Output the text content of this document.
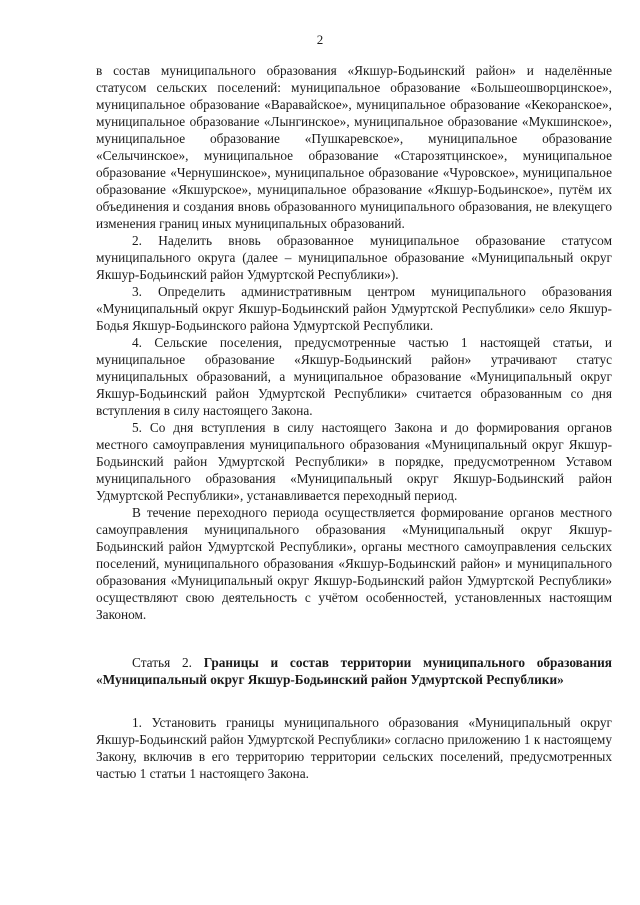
2

в состав муниципального образования «Якшур-Бодьинский район» и наделённые статусом сельских поселений: муниципальное образование «Большеошворцинское», муниципальное образование «Варавайское», муниципальное образование «Кекоранское», муниципальное образование «Лынгинское», муниципальное образование «Мукшинское», муниципальное образование «Пушкаревское», муниципальное образование «Селычинское», муниципальное образование «Старозятцинское», муниципальное образование «Чернушинское», муниципальное образование «Чуровское», муниципальное образование «Якшурское», муниципальное образование «Якшур-Бодьинское», путём их объединения и создания вновь образованного муниципального образования, не влекущего изменения границ иных муниципальных образований.

2. Наделить вновь образованное муниципальное образование статусом муниципального округа (далее – муниципальное образование «Муниципальный округ Якшур-Бодьинский район Удмуртской Республики»).

3. Определить административным центром муниципального образования «Муниципальный округ Якшур-Бодьинский район Удмуртской Республики» село Якшур-Бодья Якшур-Бодьинского района Удмуртской Республики.

4. Сельские поселения, предусмотренные частью 1 настоящей статьи, и муниципальное образование «Якшур-Бодьинский район» утрачивают статус муниципальных образований, а муниципальное образование «Муниципальный округ Якшур-Бодьинский район Удмуртской Республики» считается образованным со дня вступления в силу настоящего Закона.

5. Со дня вступления в силу настоящего Закона и до формирования органов местного самоуправления муниципального образования «Муниципальный округ Якшур-Бодьинский район Удмуртской Республики» в порядке, предусмотренном Уставом муниципального образования «Муниципальный округ Якшур-Бодьинский район Удмуртской Республики», устанавливается переходный период.

В течение переходного периода осуществляется формирование органов местного самоуправления муниципального образования «Муниципальный округ Якшур-Бодьинский район Удмуртской Республики», органы местного самоуправления сельских поселений, муниципального образования «Якшур-Бодьинский район» и муниципального образования «Муниципальный округ Якшур-Бодьинский район Удмуртской Республики» осуществляют свою деятельность с учётом особенностей, установленных настоящим Законом.

Статья 2. Границы и состав территории муниципального образования «Муниципальный округ Якшур-Бодьинский район Удмуртской Республики»

1. Установить границы муниципального образования «Муниципальный округ Якшур-Бодьинский район Удмуртской Республики» согласно приложению 1 к настоящему Закону, включив в его территорию территории сельских поселений, предусмотренных частью 1 статьи 1 настоящего Закона.
